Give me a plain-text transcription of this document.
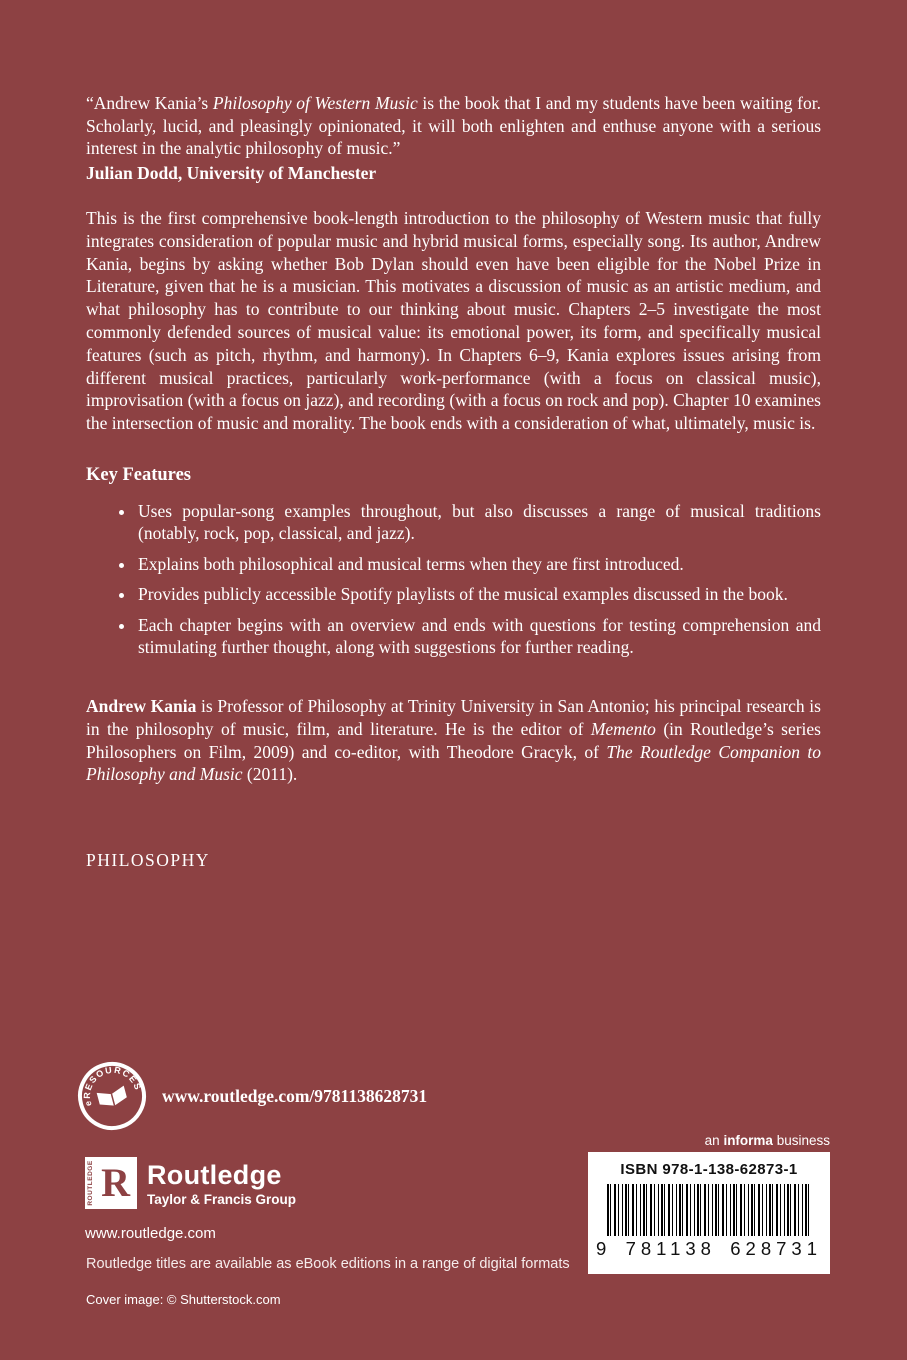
“Andrew Kania’s Philosophy of Western Music is the book that I and my students have been waiting for. Scholarly, lucid, and pleasingly opinionated, it will both enlighten and enthuse anyone with a serious interest in the analytic philosophy of music.”

Julian Dodd, University of Manchester

This is the first comprehensive book-length introduction to the philosophy of Western music that fully integrates consideration of popular music and hybrid musical forms, especially song. Its author, Andrew Kania, begins by asking whether Bob Dylan should even have been eligible for the Nobel Prize in Literature, given that he is a musician. This motivates a discussion of music as an artistic medium, and what philosophy has to contribute to our thinking about music. Chapters 2–5 investigate the most commonly defended sources of musical value: its emotional power, its form, and specifically musical features (such as pitch, rhythm, and harmony). In Chapters 6–9, Kania explores issues arising from different musical practices, particularly work-performance (with a focus on classical music), improvisation (with a focus on jazz), and recording (with a focus on rock and pop). Chapter 10 examines the intersection of music and morality. The book ends with a consideration of what, ultimately, music is.

Key Features
• Uses popular-song examples throughout, but also discusses a range of musical traditions (notably, rock, pop, classical, and jazz).
• Explains both philosophical and musical terms when they are first introduced.
• Provides publicly accessible Spotify playlists of the musical examples discussed in the book.
• Each chapter begins with an overview and ends with questions for testing comprehension and stimulating further thought, along with suggestions for further reading.

Andrew Kania is Professor of Philosophy at Trinity University in San Antonio; his principal research is in the philosophy of music, film, and literature. He is the editor of Memento (in Routledge’s series Philosophers on Film, 2009) and co-editor, with Theodore Gracyk, of The Routledge Companion to Philosophy and Music (2011).

PHILOSOPHY

eRESOURCES www.routledge.com/9781138628731
an informa business
ISBN 978-1-138-62873-1
9 781138 628731
ROUTLEDGE R Routledge
Taylor & Francis Group
www.routledge.com
Routledge titles are available as eBook editions in a range of digital formats
Cover image: © Shutterstock.com
